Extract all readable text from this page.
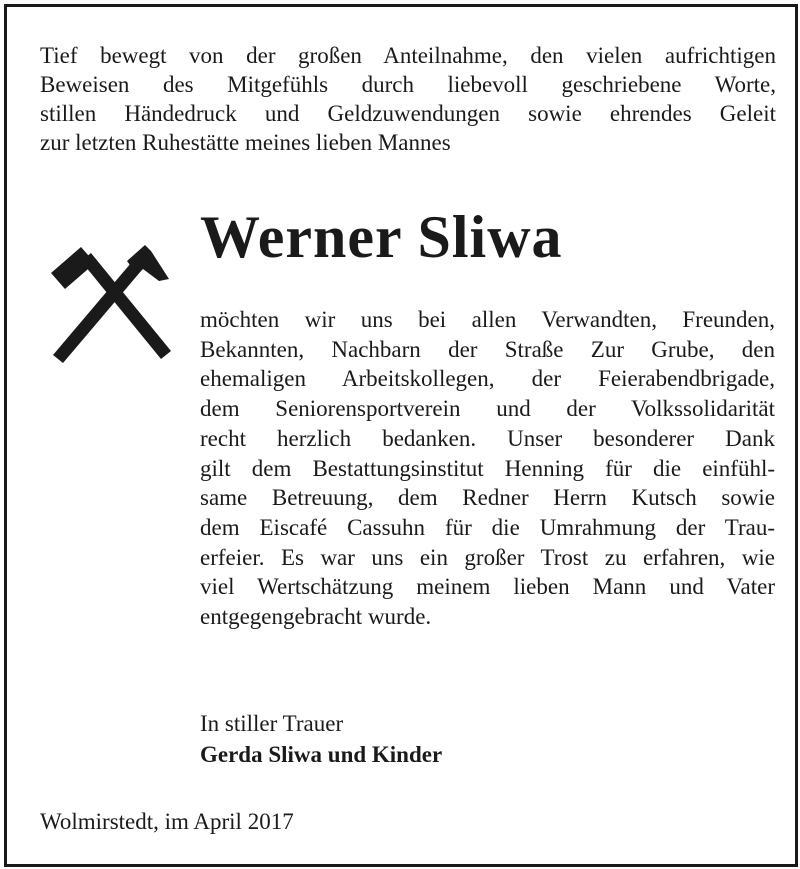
Tief bewegt von der großen Anteilnahme, den vielen aufrichtigen
Beweisen des Mitgefühls durch liebevoll geschriebene Worte,
stillen Händedruck und Geldzuwendungen sowie ehrendes Geleit
zur letzten Ruhestätte meines lieben Mannes

Werner Sliwa

möchten wir uns bei allen Verwandten, Freunden,
Bekannten, Nachbarn der Straße Zur Grube, den
ehemaligen Arbeitskollegen, der Feierabendbrigade,
dem Seniorensportverein und der Volkssolidarität
recht herzlich bedanken. Unser besonderer Dank
gilt dem Bestattungsinstitut Henning für die einfühl-
same Betreuung, dem Redner Herrn Kutsch sowie
dem Eiscafé Cassuhn für die Umrahmung der Trau-
erfeier. Es war uns ein großer Trost zu erfahren, wie
viel Wertschätzung meinem lieben Mann und Vater
entgegengebracht wurde.

In stiller Trauer

Gerda Sliwa und Kinder

Wolmirstedt, im April 2017
